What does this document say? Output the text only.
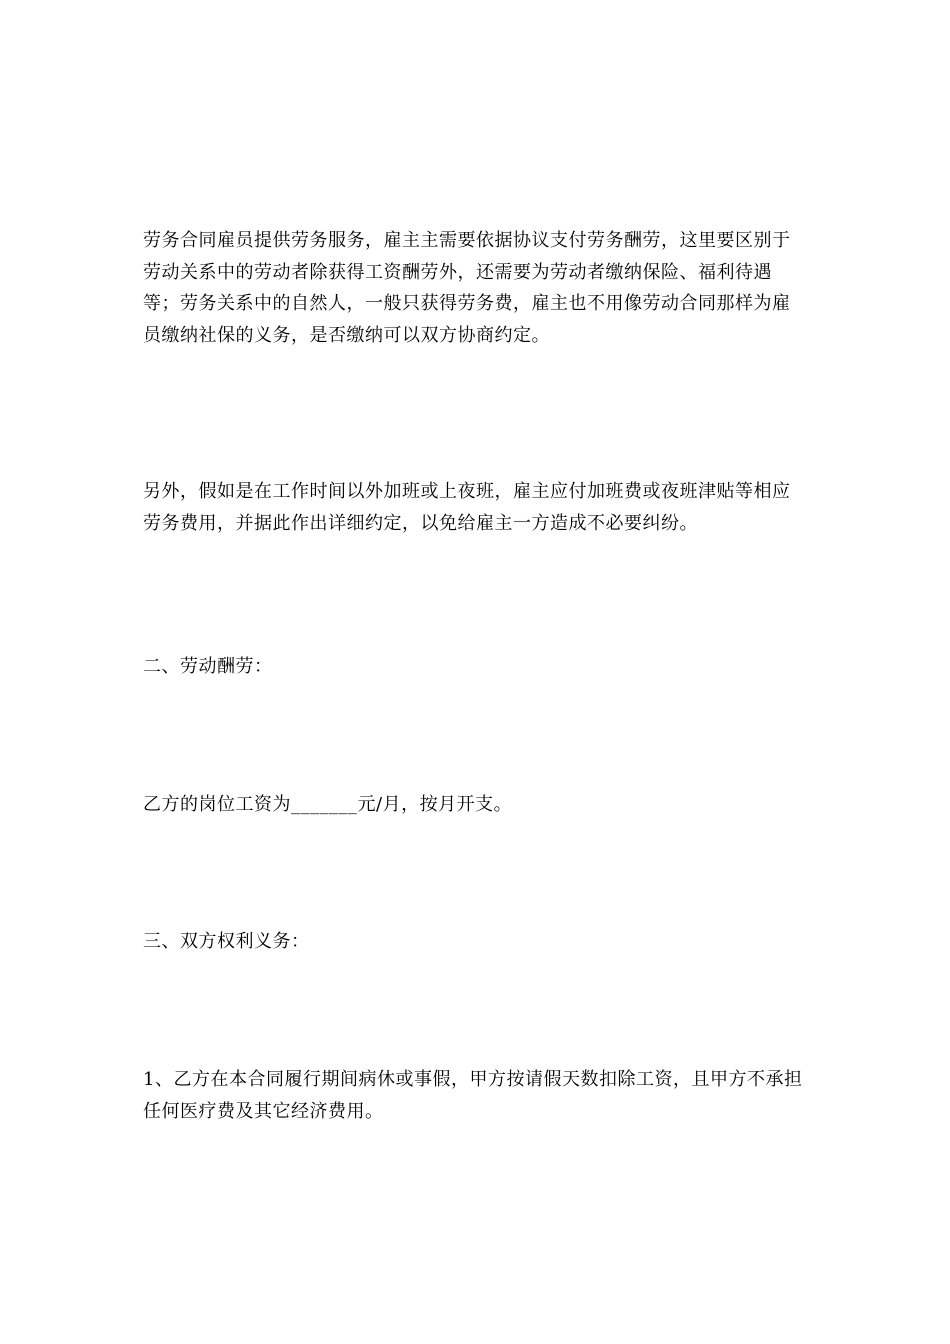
劳务合同雇员提供劳务服务，雇主主需要依据协议支付劳务酬劳，这里要区别于劳动关系中的劳动者除获得工资酬劳外，还需要为劳动者缴纳保险、福利待遇等；劳务关系中的自然人，一般只获得劳务费，雇主也不用像劳动合同那样为雇员缴纳社保的义务，是否缴纳可以双方协商约定。

另外，假如是在工作时间以外加班或上夜班，雇主应付加班费或夜班津贴等相应劳务费用，并据此作出详细约定，以免给雇主一方造成不必要纠纷。

二、劳动酬劳：

乙方的岗位工资为_______元/月，按月开支。

三、双方权利义务：

1、乙方在本合同履行期间病休或事假，甲方按请假天数扣除工资，且甲方不承担任何医疗费及其它经济费用。
